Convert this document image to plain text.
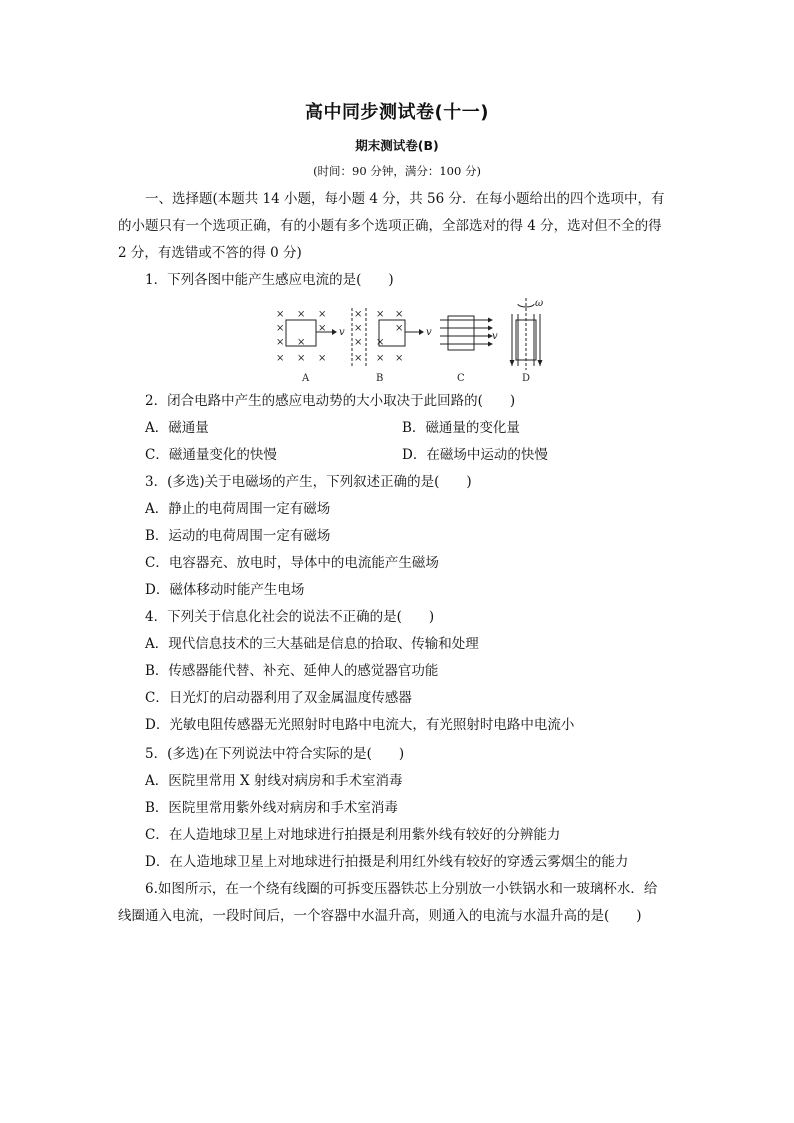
高中同步测试卷(十一)
期末测试卷(B)
(时间：90 分钟，满分：100 分)
一、选择题(本题共 14 小题，每小题 4 分，共 56 分．在每小题给出的四个选项中，有
的小题只有一个选项正确，有的小题有多个选项正确，全部选对的得 4 分，选对但不全的得
2 分，有选错或不答的得 0 分)
1．下列各图中能产生感应电流的是(　　)
× × ×
×	×
× ×
× × ×
v
A
×
×
×
×
× ×
×
×
× ×
v
B
v
C
ω
D
2．闭合电路中产生的感应电动势的大小取决于此回路的(　　)
A．磁通量	B．磁通量的变化量
C．磁通量变化的快慢	D．在磁场中运动的快慢
3．(多选)关于电磁场的产生，下列叙述正确的是(　　)
A．静止的电荷周围一定有磁场
B．运动的电荷周围一定有磁场
C．电容器充、放电时，导体中的电流能产生磁场
D．磁体移动时能产生电场
4．下列关于信息化社会的说法不正确的是(　　)
A．现代信息技术的三大基础是信息的拾取、传输和处理
B．传感器能代替、补充、延伸人的感觉器官功能
C．日光灯的启动器利用了双金属温度传感器
D．光敏电阻传感器无光照射时电路中电流大，有光照射时电路中电流小
5．(多选)在下列说法中符合实际的是(　　)
A．医院里常用 X 射线对病房和手术室消毒
B．医院里常用紫外线对病房和手术室消毒
C．在人造地球卫星上对地球进行拍摄是利用紫外线有较好的分辨能力
D．在人造地球卫星上对地球进行拍摄是利用红外线有较好的穿透云雾烟尘的能力
6.如图所示，在一个绕有线圈的可拆变压器铁芯上分别放一小铁锅水和一玻璃杯水．给
线圈通入电流，一段时间后，一个容器中水温升高，则通入的电流与水温升高的是(　　)
